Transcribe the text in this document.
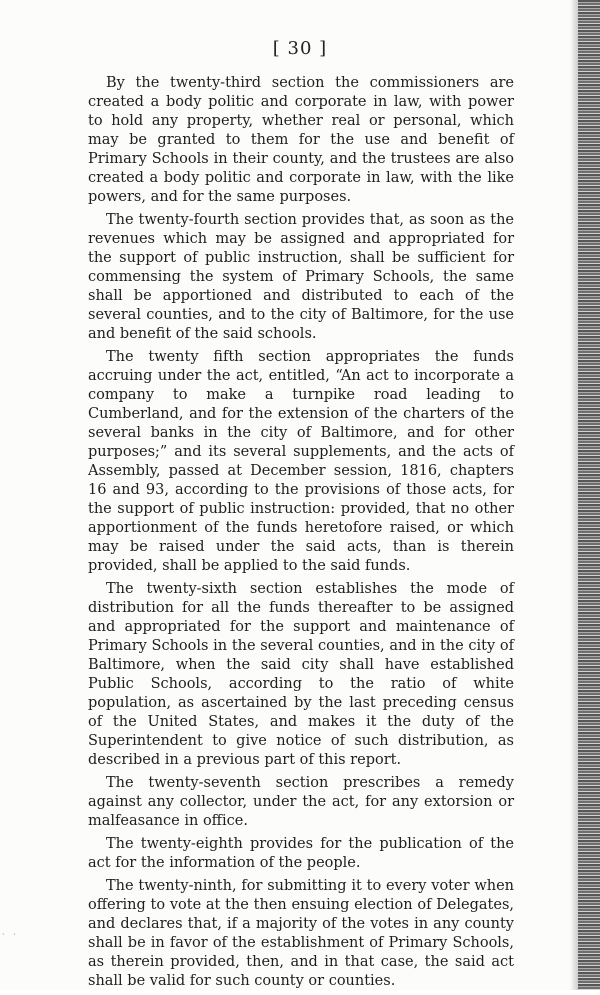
[ 30 ]

By the twenty-third section the commissioners are created a body politic and corporate in law, with power to hold any property, whether real or personal, which may be granted to them for the use and benefit of Primary Schools in their county, and the trustees are also created a body politic and corporate in law, with the like powers, and for the same purposes.

The twenty-fourth section provides that, as soon as the revenues which may be assigned and appropriated for the support of public instruction, shall be sufficient for commensing the system of Primary Schools, the same shall be apportioned and distributed to each of the several counties, and to the city of Baltimore, for the use and benefit of the said schools.

The twenty fifth section appropriates the funds accruing under the act, entitled, “An act to incorporate a company to make a turnpike road leading to Cumberland, and for the extension of the charters of the several banks in the city of Baltimore, and for other purposes;” and its several supplements, and the acts of Assembly, passed at December session, 1816, chapters 16 and 93, according to the provisions of those acts, for the support of public instruction: provided, that no other apportionment of the funds heretofore raised, or which may be raised under the said acts, than is therein provided, shall be applied to the said funds.

The twenty-sixth section establishes the mode of distribution for all the funds thereafter to be assigned and appropriated for the support and maintenance of Primary Schools in the several counties, and in the city of Baltimore, when the said city shall have established Public Schools, according to the ratio of white population, as ascertained by the last preceding census of the United States, and makes it the duty of the Superintendent to give notice of such distribution, as described in a previous part of this report.

The twenty-seventh section prescribes a remedy against any collector, under the act, for any extorsion or malfeasance in office.

The twenty-eighth provides for the publication of the act for the information of the people.

The twenty-ninth, for submitting it to every voter when offering to vote at the then ensuing election of Delegates, and declares that, if a majority of the votes in any county shall be in favor of the establishment of Primary Schools, as therein provided, then, and in that case, the said act shall be valid for such county or counties.

· ·
